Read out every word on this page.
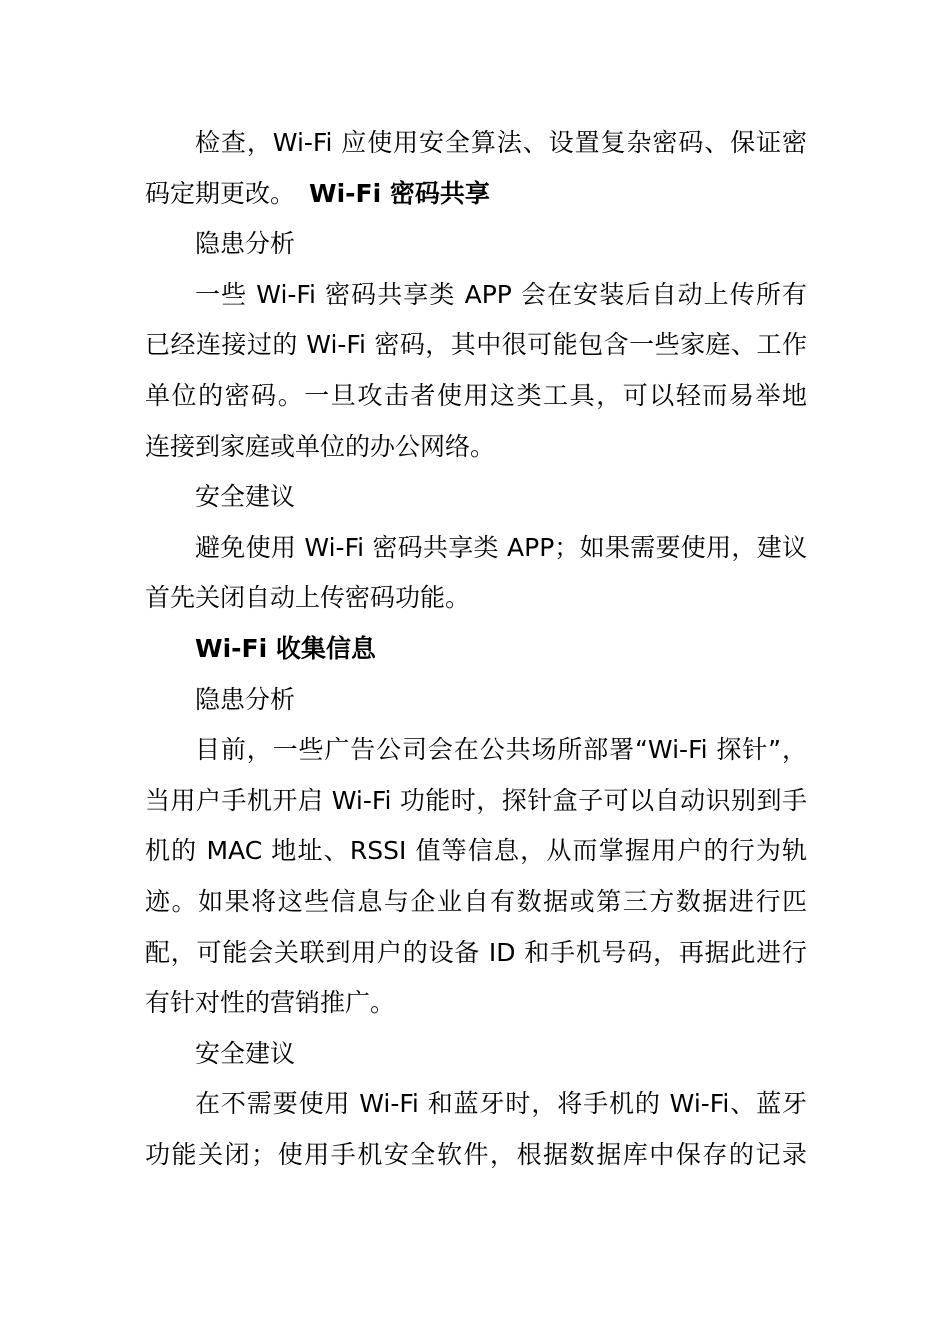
检查，Wi-Fi 应使用安全算法、设置复杂密码、保证密
码定期更改。 Wi-Fi 密码共享
隐患分析
一些 Wi-Fi 密码共享类 APP 会在安装后自动上传所有
已经连接过的 Wi-Fi 密码，其中很可能包含一些家庭、工作
单位的密码。一旦攻击者使用这类工具，可以轻而易举地
连接到家庭或单位的办公网络。
安全建议
避免使用 Wi-Fi 密码共享类 APP；如果需要使用，建议
首先关闭自动上传密码功能。
Wi-Fi 收集信息
隐患分析
目前，一些广告公司会在公共场所部署“Wi-Fi 探针”，
当用户手机开启 Wi-Fi 功能时，探针盒子可以自动识别到手
机的 MAC 地址、RSSI 值等信息，从而掌握用户的行为轨
迹。如果将这些信息与企业自有数据或第三方数据进行匹
配，可能会关联到用户的设备 ID 和手机号码，再据此进行
有针对性的营销推广。
安全建议
在不需要使用 Wi-Fi 和蓝牙时，将手机的 Wi-Fi、蓝牙
功能关闭；使用手机安全软件，根据数据库中保存的记录
